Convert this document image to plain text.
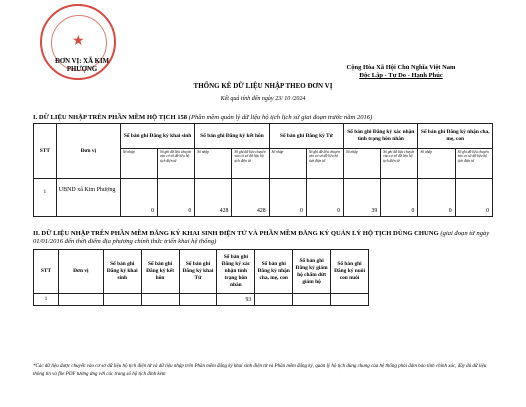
★
ĐƠN VỊ: XÃ KIM
PHƯỢNG	Cộng Hòa Xã Hội Chủ Nghĩa Việt Nam
Độc Lập - Tự Do - Hạnh Phúc
THỐNG KÊ DỮ LIỆU NHẬP THEO ĐƠN VỊ
Kết quả tính đến ngày 23/ 10 /2024
I. DỮ LIỆU NHẬP TRÊN PHẦN MỀM HỘ TỊCH 158 (Phần mềm quản lý dữ liệu hộ tịch lịch sử giai đoạn trước năm 2016)
STT	Đơn vị	Số bản ghi Đăng ký khai sinh		Số bản ghi Đăng ký kết hôn		Số bản ghi Đăng ký Tử		Số bản ghi Đăng ký xác nhận tình trạng hôn nhân		Số bản ghi Đăng ký nhận cha, mẹ, con	
		Số nhập	Số ghi dữ liệu chuyển vào cơ sở dữ liệu hộ tịch điện tử	Số nhập	Số ghi dữ liệu chuyển vào cơ sở dữ liệu hộ tịch điện tử	Số nhập	Số ghi dữ liệu chuyển vào cơ sở dữ liệu hộ tịch điện tử	Số nhập	Số ghi dữ liệu chuyển vào cơ sở dữ liệu hộ tịch điện tử	Số nhập	Số ghi dữ liệu chuyển vào cơ sở dữ liệu hộ tịch điện tử
1	UBND xã Kim Phượng	0	0	428	428	0	0	39	0	0	0
II. DỮ LIỆU NHẬP TRÊN PHẦN MỀM ĐĂNG KÝ KHAI SINH ĐIỆN TỬ VÀ PHẦN MỀM ĐĂNG KÝ QUẢN LÝ HỘ TỊCH DÙNG CHUNG (giai đoạn từ ngày 01/01/2016 đến thời điểm địa phương chính thức triển khai hệ thống)
STT	Đơn vị	Số bản ghi Đăng ký khai sinh	Số bản ghi Đăng ký kết hôn	Số bản ghi Đăng ký khai Tử	Số bản ghi Đăng ký xác nhận tình trạng hôn nhân	Số bản ghi Đăng ký nhận cha, mẹ, con	Số bản ghi Đăng ký giám hộ chấm dứt giám hộ	Số bản ghi Đăng ký nuôi con nuôi
1					93			
*Các dữ liệu được chuyển vào cơ sở dữ liệu hộ tịch điện tử và dữ liệu nhập trên Phần mềm đăng ký khai sinh điện tử và Phần mềm đăng ký, quản lý hộ tịch dùng chung của hệ thống phải đảm bảo tính chính xác, đầy đủ dữ liệu thông tin và file PDF tương ứng với các trang sổ hộ tịch đính kèm
